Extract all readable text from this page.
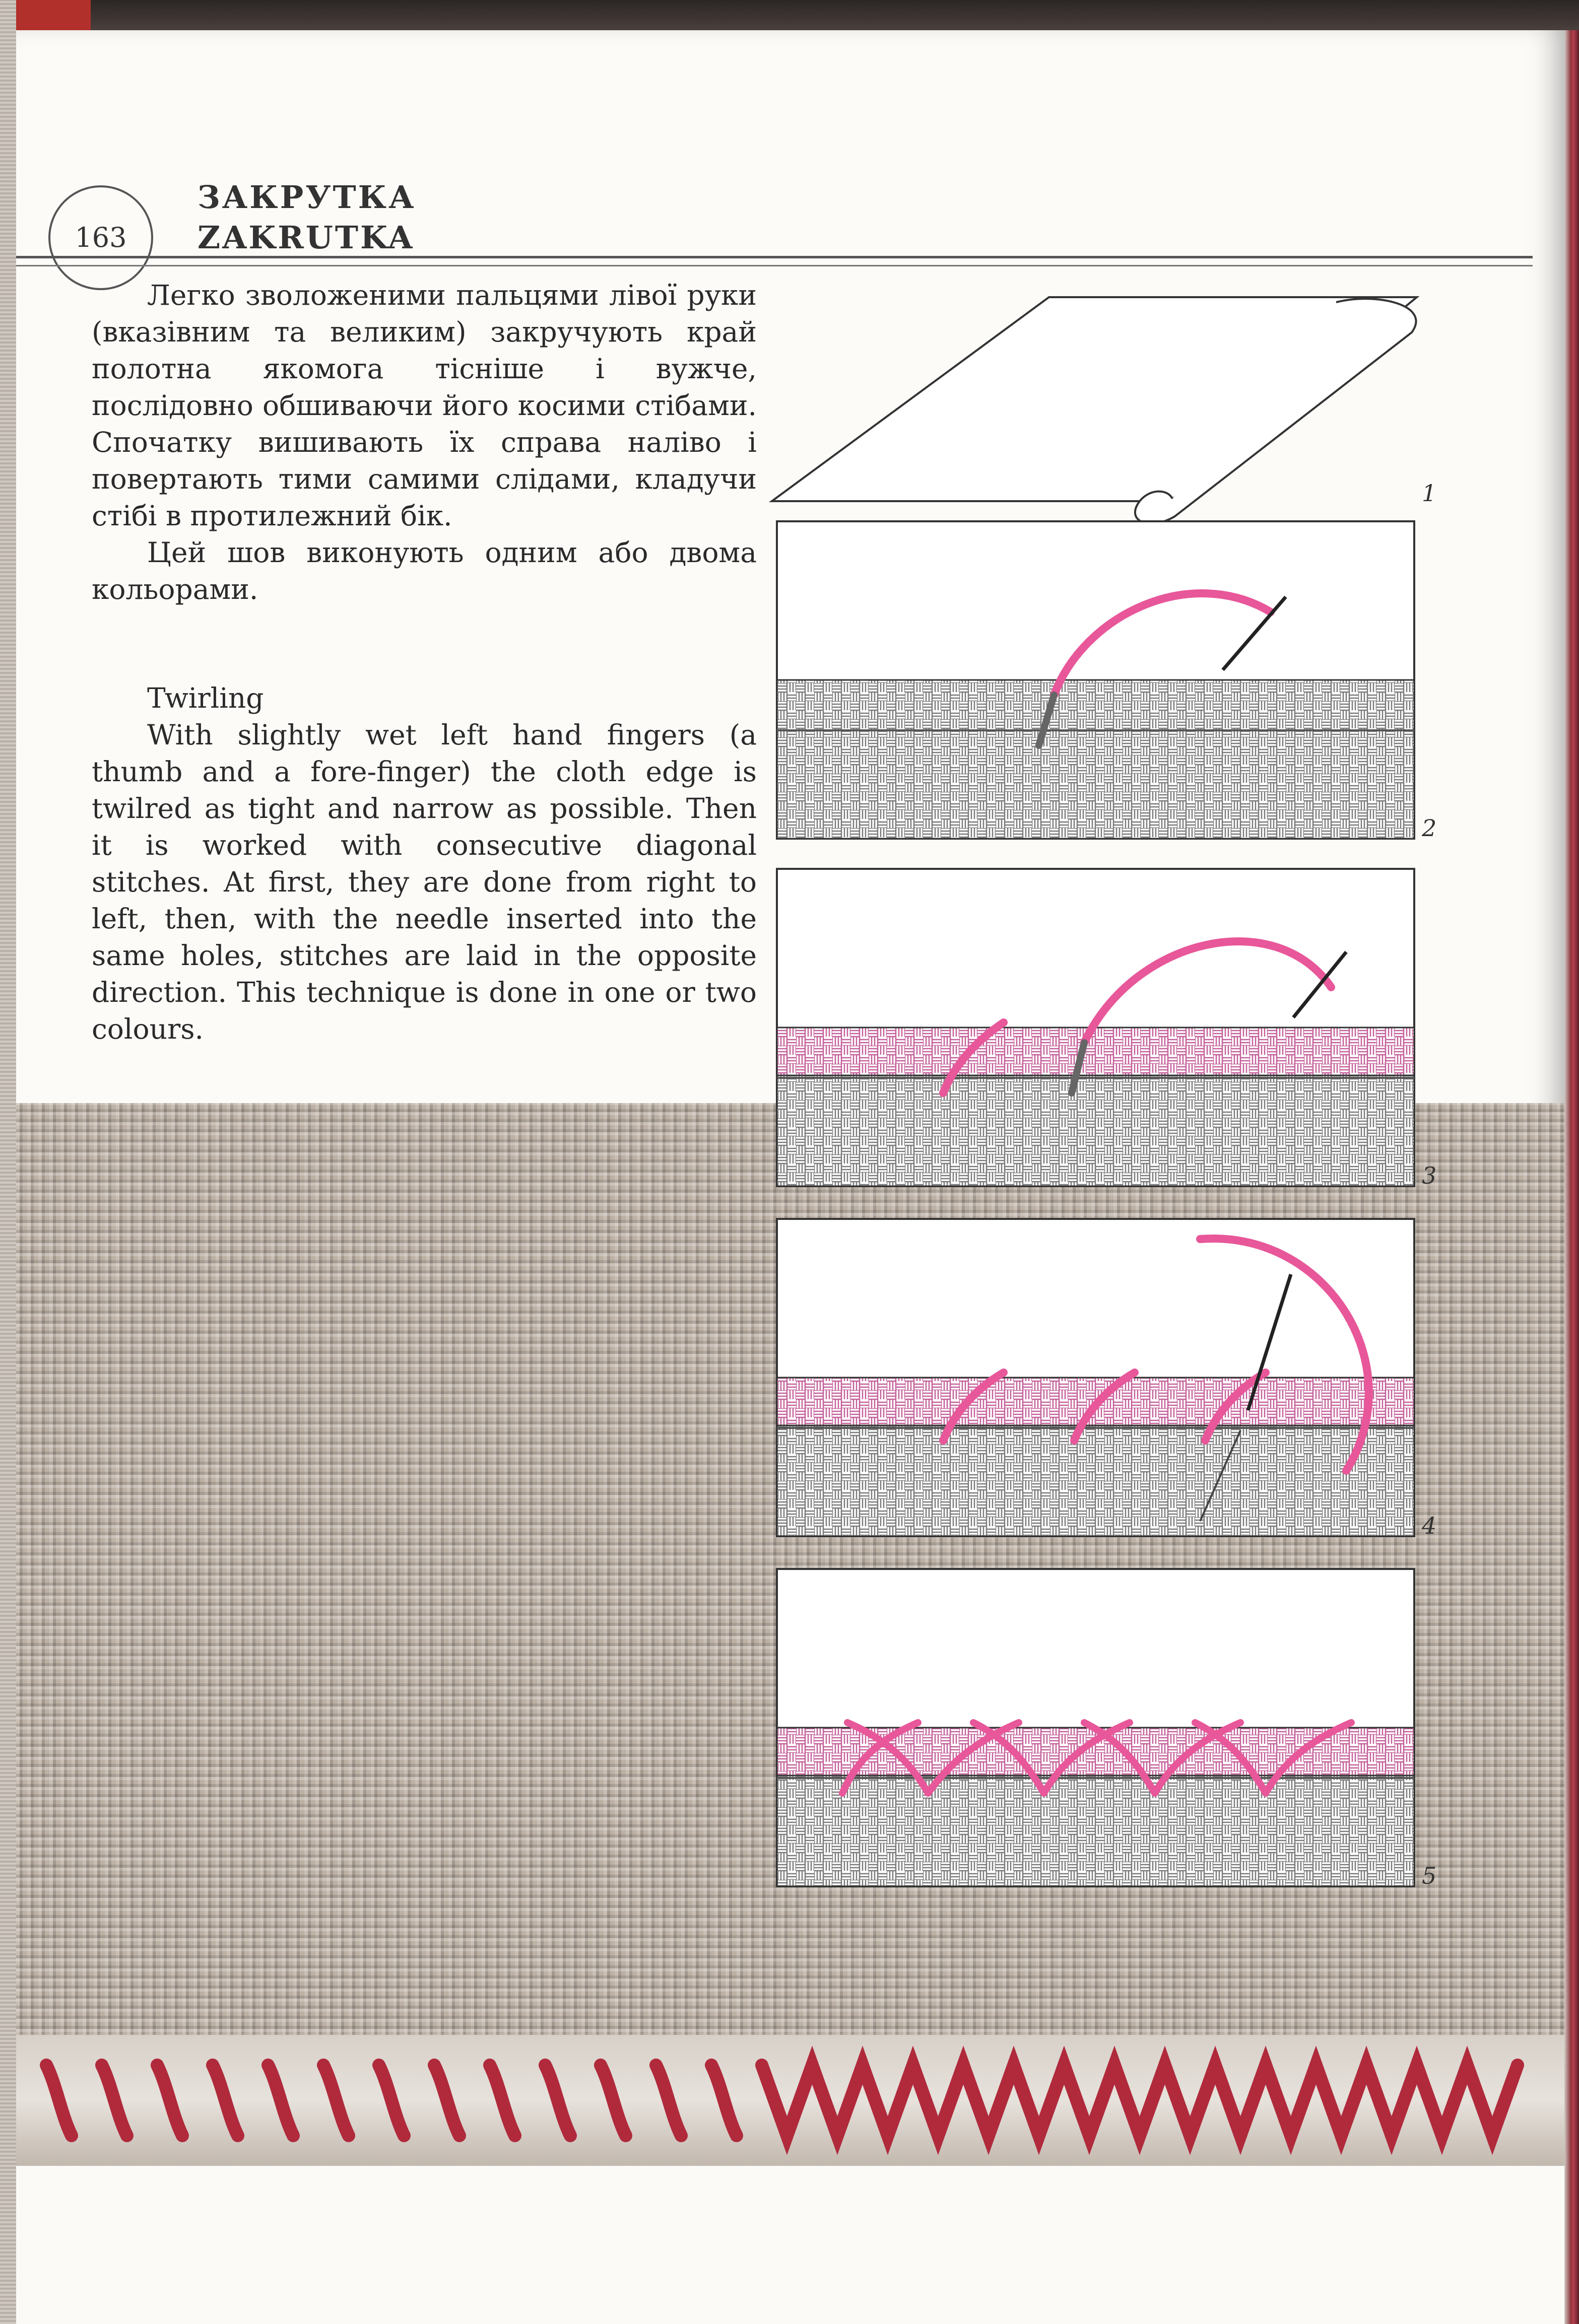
163
ЗАКРУТКА
ZAKRUTKA

Легко зволоженими пальцями лівої руки (вказівним та великим) закручують край полотна якомога тісніше і вужче, послідовно обшиваючи його косими стібами. Спочатку вишивають їх справа наліво і повертають тими самими слідами, кладучи стібі в протилежний бік.

Цей шов виконують одним або двома кольорами.

Twirling

With slightly wet left hand fingers (a thumb and a fore-finger) the cloth edge is twilred as tight and narrow as possible. Then it is worked with consecutive diagonal stitches. At first, they are done from right to left, then, with the needle inserted into the same holes, stitches are laid in the opposite direction. This technique is done in one or two colours.

1
2
3
4
5
